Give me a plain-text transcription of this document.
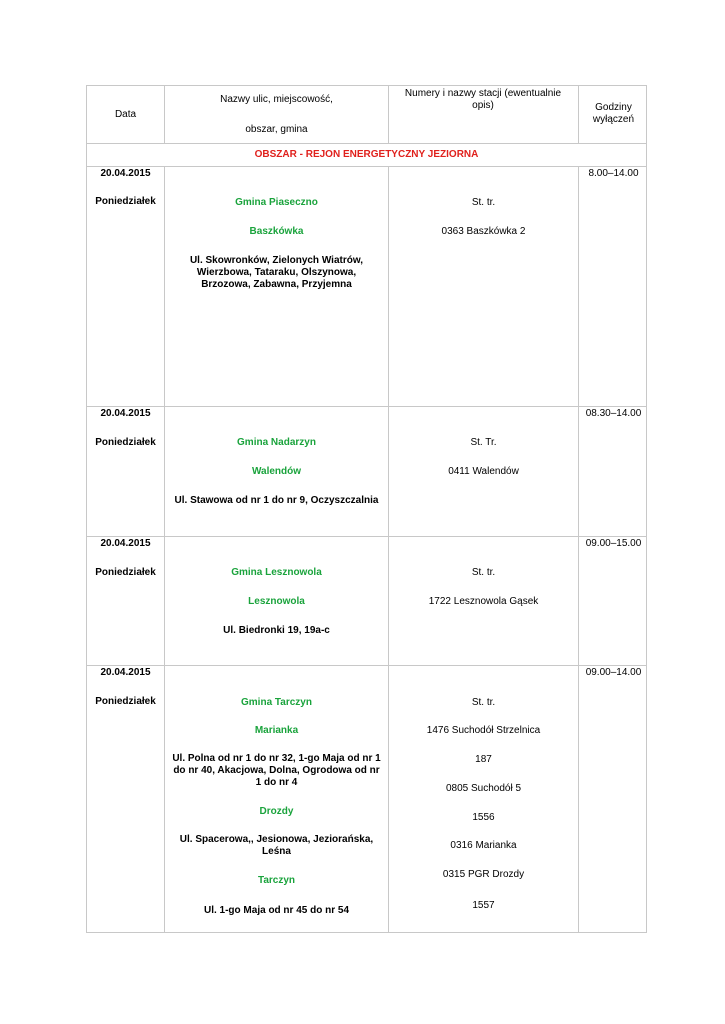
Data
Nazwy ulic, miejscowość,
obszar, gmina
Numery i nazwy stacji (ewentualnie opis)	Godziny wyłączeń
OBSZAR - REJON ENERGETYCZNY JEZIORNA
20.04.2015
Poniedziałek
8.00–14.00
Gmina Piaseczno
Baszkówka
Ul. Skowronków, Zielonych Wiatrów, Wierzbowa, Tataraku, Olszynowa, Brzozowa, Zabawna, Przyjemna
St. tr.
0363 Baszkówka 2
20.04.2015
Poniedziałek
08.30–14.00
Gmina Nadarzyn
Walendów
Ul. Stawowa od nr 1 do nr 9, Oczyszczalnia
St. Tr.
0411 Walendów
20.04.2015
Poniedziałek
09.00–15.00
Gmina Lesznowola
Lesznowola
Ul. Biedronki 19, 19a-c
St. tr.
1722 Lesznowola Gąsek
20.04.2015
Poniedziałek
09.00–14.00
Gmina Tarczyn
Marianka
Ul. Polna od nr 1 do nr 32, 1-go Maja od nr 1 do nr 40, Akacjowa, Dolna, Ogrodowa od nr 1 do nr 4
Drozdy
Ul. Spacerowa,, Jesionowa, Jeziorańska, Leśna
Tarczyn
Ul. 1-go Maja od nr 45 do nr 54
St. tr.
1476 Suchodół Strzelnica
187
0805 Suchodół 5
1556
0316 Marianka
0315 PGR Drozdy
1557
